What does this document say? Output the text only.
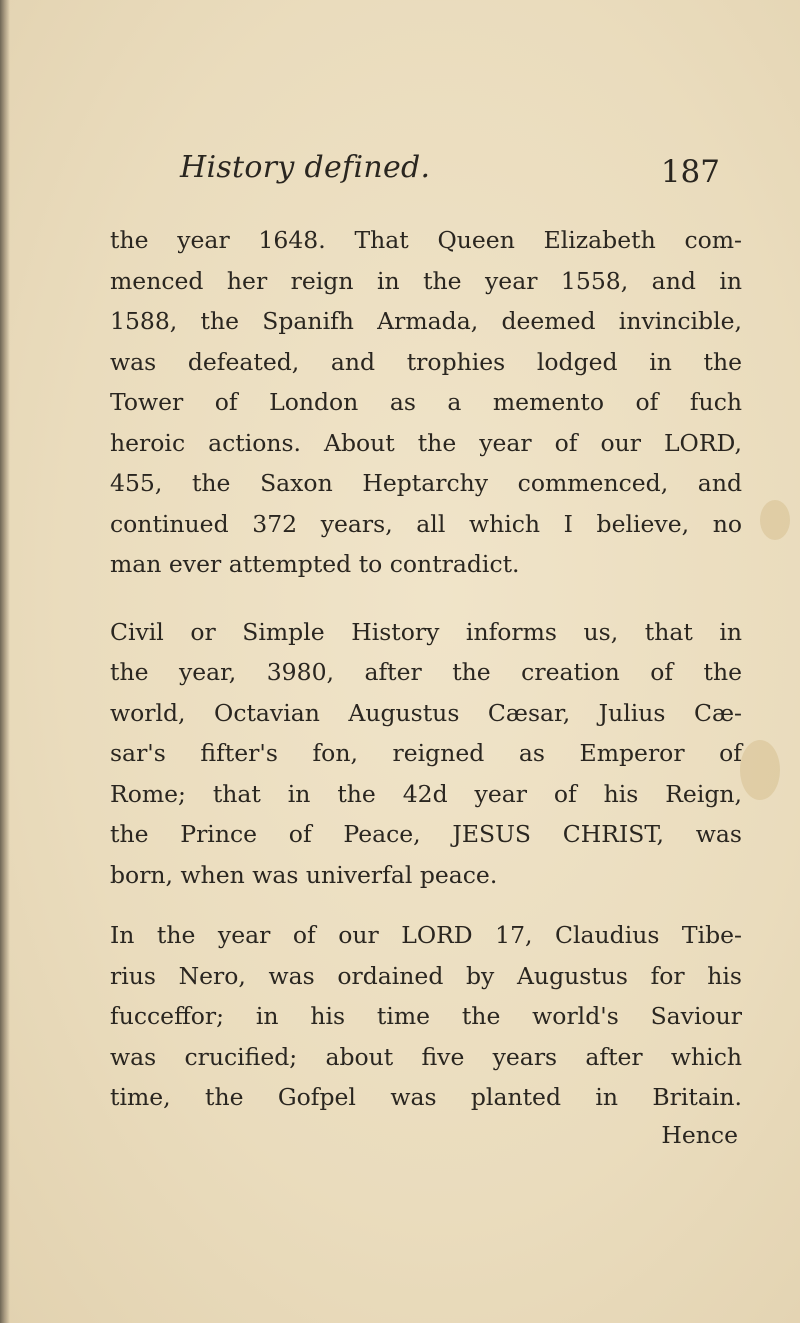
History defined.	187

the year 1648. That Queen Elizabeth com-
menced her reign in the year 1558, and in
1588, the Spanifh Armada, deemed invincible,
was defeated, and trophies lodged in the
Tower of London as a memento of fuch
heroic actions. About the year of our LORD,
455, the Saxon Heptarchy commenced, and
continued 372 years, all which I believe, no
man ever attempted to contradict.

Civil or Simple History informs us, that in
the year, 3980, after the creation of the
world, Octavian Augustus Cæsar, Julius Cæ-
sar's fifter's fon, reigned as Emperor of
Rome; that in the 42d year of his Reign,
the Prince of Peace, JESUS CHRIST, was
born, when was univerfal peace.

In the year of our LORD 17, Claudius Tibe-
rius Nero, was ordained by Augustus for his
fucceffor; in his time the world's Saviour
was crucified; about five years after which
time, the Gofpel was planted in Britain.

Hence
